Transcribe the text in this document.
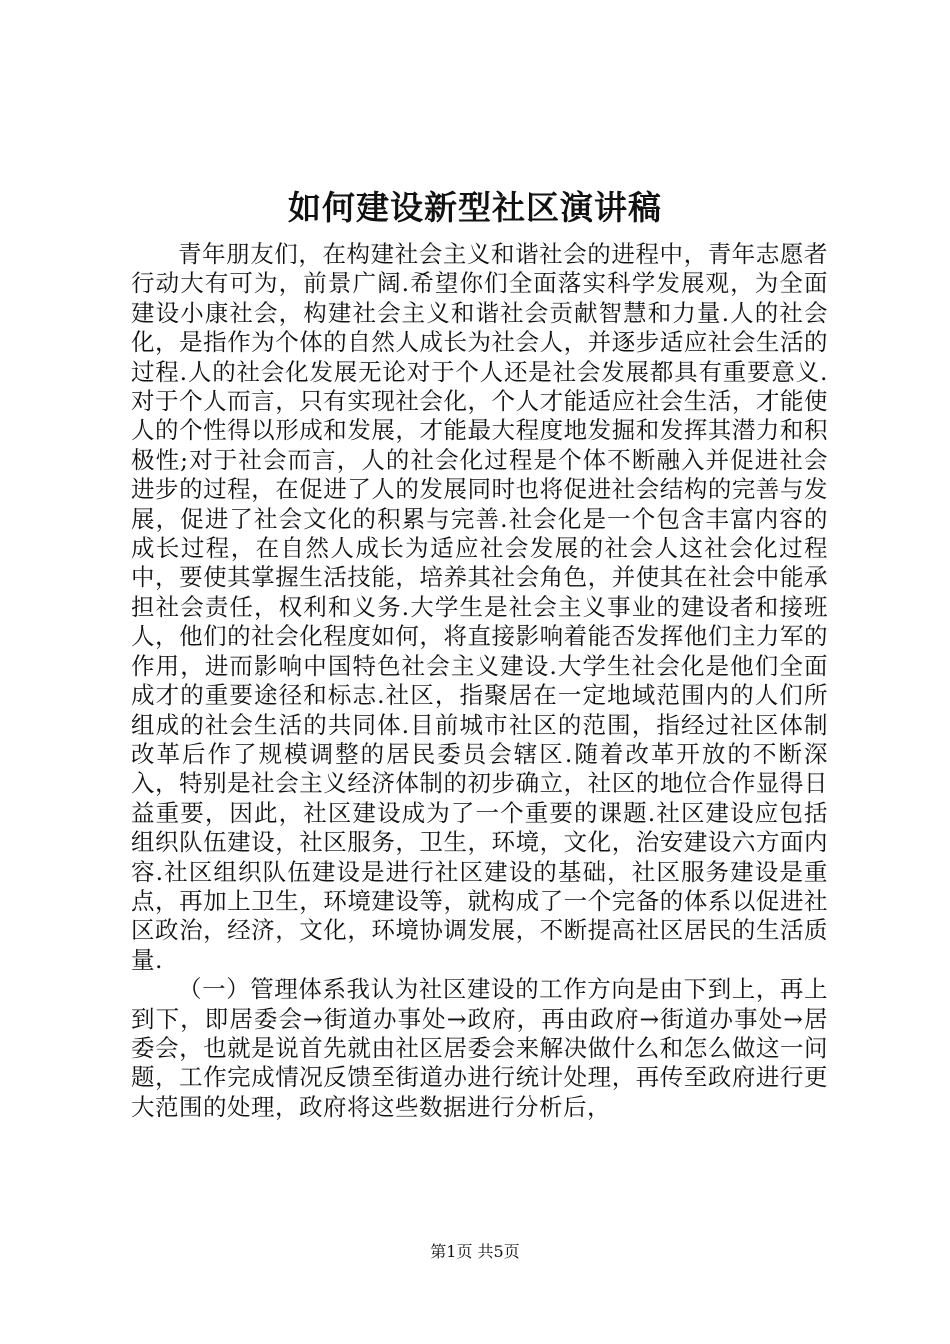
如何建设新型社区演讲稿

青年朋友们，在构建社会主义和谐社会的进程中，青年志愿者行动大有可为，前景广阔.希望你们全面落实科学发展观，为全面建设小康社会，构建社会主义和谐社会贡献智慧和力量.人的社会化，是指作为个体的自然人成长为社会人，并逐步适应社会生活的过程.人的社会化发展无论对于个人还是社会发展都具有重要意义.对于个人而言，只有实现社会化，个人才能适应社会生活，才能使人的个性得以形成和发展，才能最大程度地发掘和发挥其潜力和积极性;对于社会而言，人的社会化过程是个体不断融入并促进社会进步的过程，在促进了人的发展同时也将促进社会结构的完善与发展，促进了社会文化的积累与完善.社会化是一个包含丰富内容的成长过程，在自然人成长为适应社会发展的社会人这社会化过程中，要使其掌握生活技能，培养其社会角色，并使其在社会中能承担社会责任，权利和义务.大学生是社会主义事业的建设者和接班人，他们的社会化程度如何，将直接影响着能否发挥他们主力军的作用，进而影响中国特色社会主义建设.大学生社会化是他们全面成才的重要途径和标志.社区，指聚居在一定地域范围内的人们所组成的社会生活的共同体.目前城市社区的范围，指经过社区体制改革后作了规模调整的居民委员会辖区.随着改革开放的不断深入，特别是社会主义经济体制的初步确立，社区的地位合作显得日益重要，因此，社区建设成为了一个重要的课题.社区建设应包括组织队伍建设，社区服务，卫生，环境，文化，治安建设六方面内容.社区组织队伍建设是进行社区建设的基础，社区服务建设是重点，再加上卫生，环境建设等，就构成了一个完备的体系以促进社区政治，经济，文化，环境协调发展，不断提高社区居民的生活质量.

（一）管理体系我认为社区建设的工作方向是由下到上，再上到下，即居委会→街道办事处→政府，再由政府→街道办事处→居委会，也就是说首先就由社区居委会来解决做什么和怎么做这一问题，工作完成情况反馈至街道办进行统计处理，再传至政府进行更大范围的处理，政府将这些数据进行分析后，

第1页 共5页
